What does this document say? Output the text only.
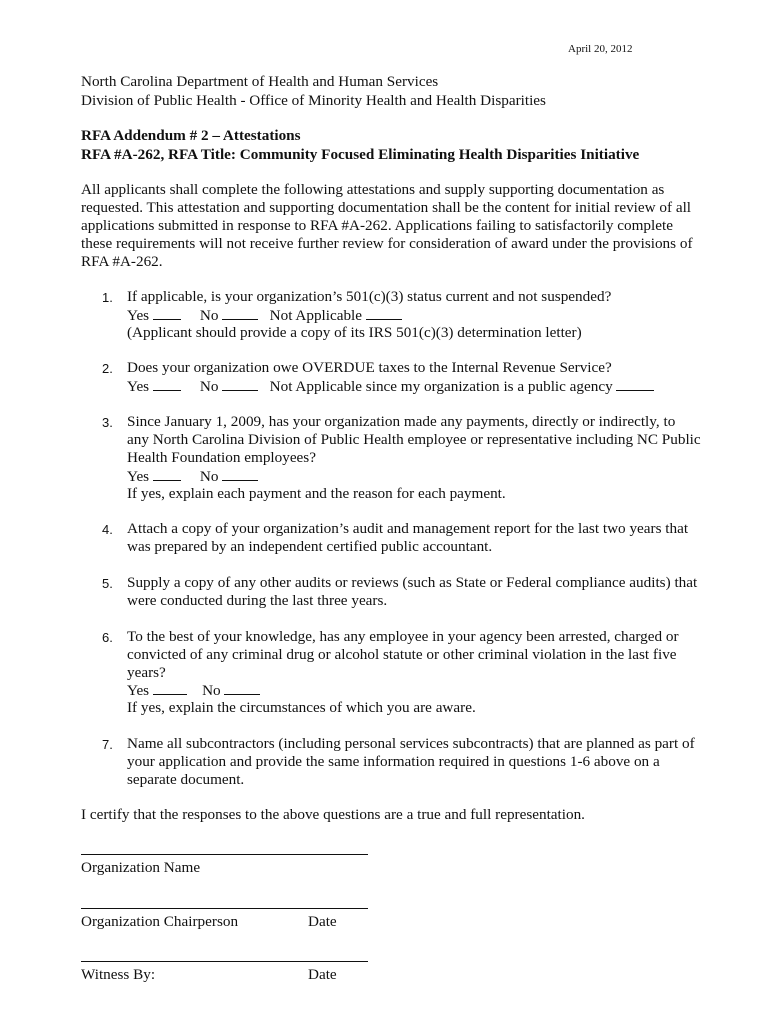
April 20, 2012
North Carolina Department of Health and Human Services
Division of Public Health - Office of Minority Health and Health Disparities
RFA Addendum # 2 – Attestations
RFA #A-262, RFA Title: Community Focused Eliminating Health Disparities Initiative
All applicants shall complete the following attestations and supply supporting documentation as
requested. This attestation and supporting documentation shall be the content for initial review of all
applications submitted in response to RFA #A-262. Applications failing to satisfactorily complete
these requirements will not receive further review for consideration of award under the provisions of
RFA #A-262.
1. If applicable, is your organization’s 501(c)(3) status current and not suspended?
Yes	No	Not Applicable
(Applicant should provide a copy of its IRS 501(c)(3) determination letter)
2. Does your organization owe OVERDUE taxes to the Internal Revenue Service?
Yes	No	Not Applicable since my organization is a public agency
3. Since January 1, 2009, has your organization made any payments, directly or indirectly, to
any North Carolina Division of Public Health employee or representative including NC Public
Health Foundation employees?
Yes	No
If yes, explain each payment and the reason for each payment.
4. Attach a copy of your organization’s audit and management report for the last two years that
was prepared by an independent certified public accountant.
5. Supply a copy of any other audits or reviews (such as State or Federal compliance audits) that
were conducted during the last three years.
6. To the best of your knowledge, has any employee in your agency been arrested, charged or
convicted of any criminal drug or alcohol statute or other criminal violation in the last five
years?
Yes	No
If yes, explain the circumstances of which you are aware.
7. Name all subcontractors (including personal services subcontracts) that are planned as part of
your application and provide the same information required in questions 1-6 above on a
separate document.
I certify that the responses to the above questions are a true and full representation.
Organization Name
Organization Chairperson	Date
Witness By:	Date
